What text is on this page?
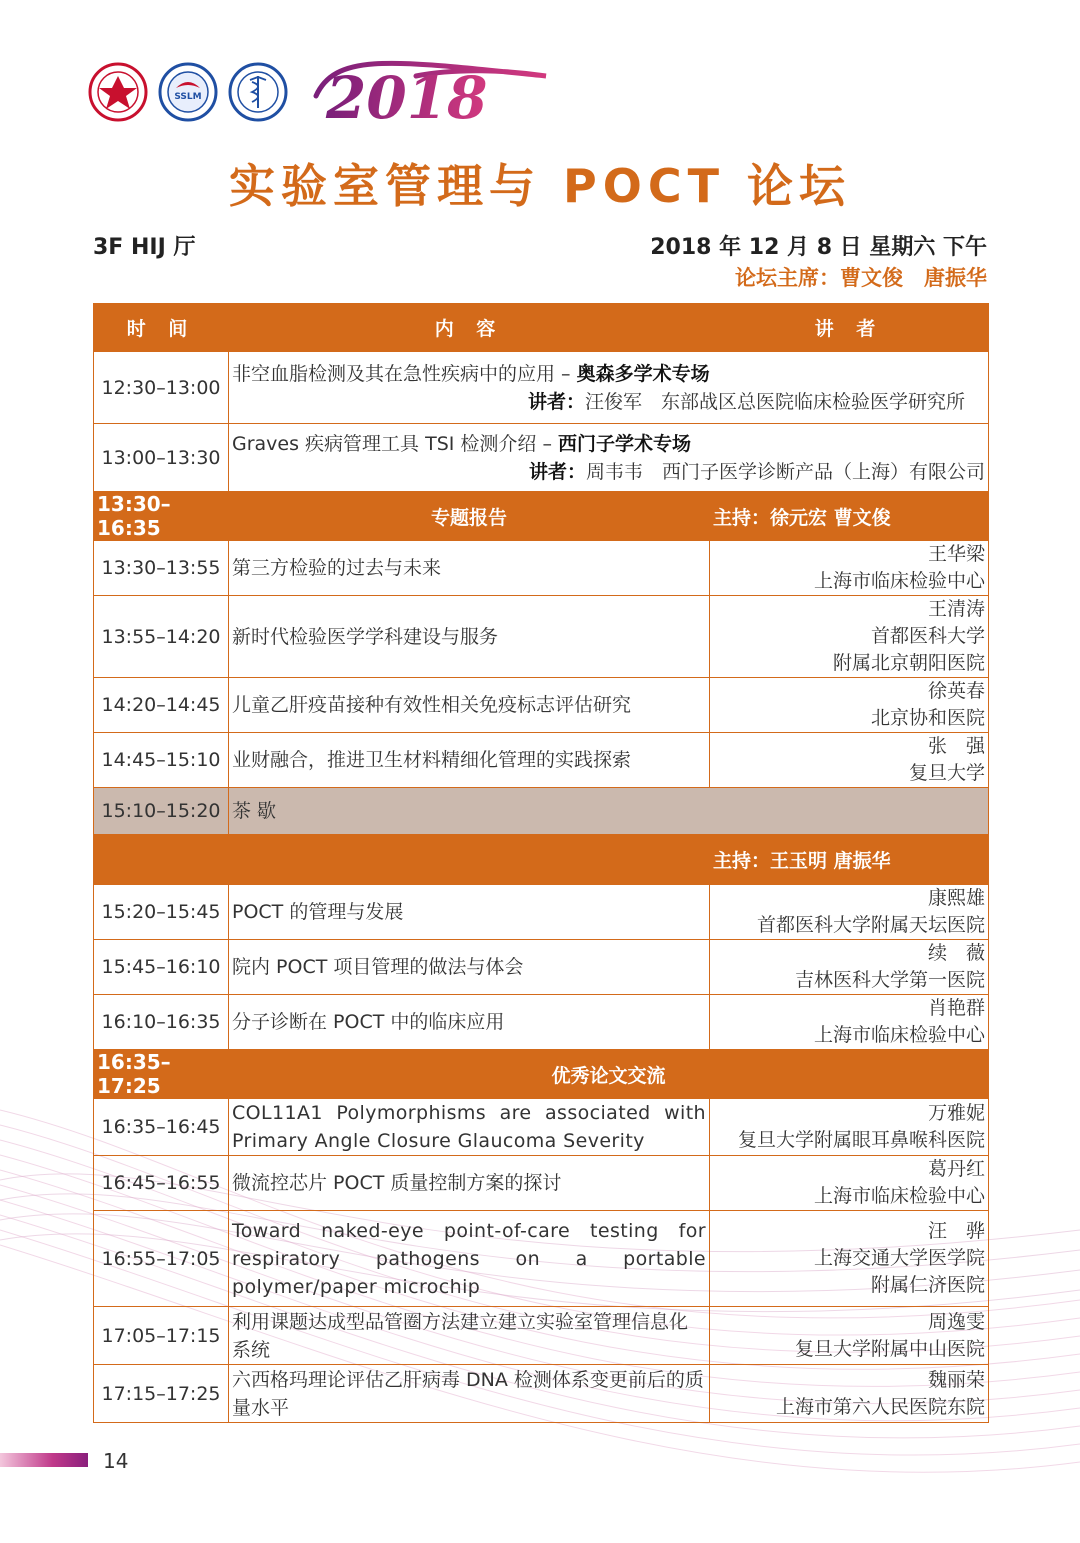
SSLM 2018
实验室管理与 POCT 论坛
3F HIJ 厅	2018 年 12 月 8 日 星期六 下午
论坛主席：曹文俊　唐振华
时 间	内 容	讲 者
12:30–13:00	非空血脂检测及其在急性疾病中的应用 – 奥森多学术专场
讲者：汪俊军　东部战区总医院临床检验医学研究所	

13:00–13:30	Graves 疾病管理工具 TSI 检测介绍 – 西门子学术专场
讲者：周韦韦　西门子医学诊断产品（上海）有限公司	

13:30–16:35	专题报告	主持：徐元宏 曹文俊
13:30–13:55	第三方检验的过去与未来	王华梁
上海市临床检验中心

13:55–14:20	新时代检验医学学科建设与服务	王清涛
首都医科大学
附属北京朝阳医院

14:20–14:45	儿童乙肝疫苗接种有效性相关免疫标志评估研究	徐英春
北京协和医院

14:45–15:10	业财融合，推进卫生材料精细化管理的实践探索	张　强
复旦大学

15:10–15:20	茶 歇	
		主持：王玉明 唐振华
15:20–15:45	POCT 的管理与发展	康熙雄
首都医科大学附属天坛医院

15:45–16:10	院内 POCT 项目管理的做法与体会	续　薇
吉林医科大学第一医院

16:10–16:35	分子诊断在 POCT 中的临床应用	肖艳群
上海市临床检验中心

16:35–17:25	优秀论文交流	
16:35–16:45	COL11A1 Polymorphisms are associated with Primary Angle Closure Glaucoma Severity	万雅妮
复旦大学附属眼耳鼻喉科医院

16:45–16:55	微流控芯片 POCT 质量控制方案的探讨	葛丹红
上海市临床检验中心

16:55–17:05	Toward naked-eye point-of-care testing for respiratory pathogens on a portable polymer/paper microchip	汪　骅
上海交通大学医学院
附属仁济医院

17:05–17:15	利用课题达成型品管圈方法建立建立实验室管理信息化系统	周逸雯
复旦大学附属中山医院

17:15–17:25	六西格玛理论评估乙肝病毒 DNA 检测体系变更前后的质量水平	魏丽荣
上海市第六人民医院东院
14
